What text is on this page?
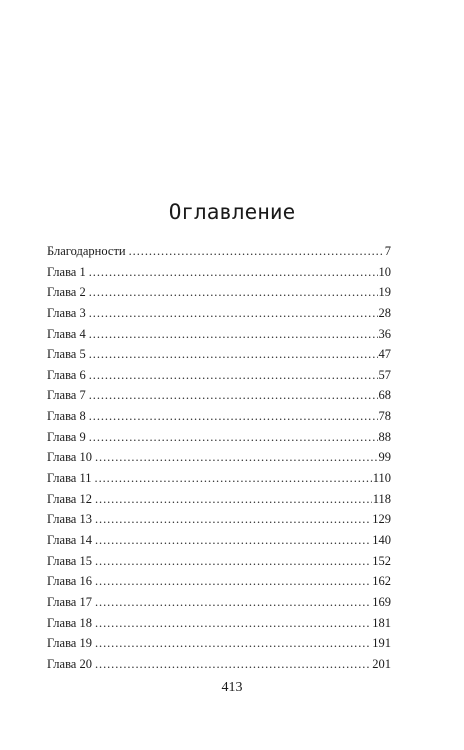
Оглавление
Благодарности . . .	7
Глава 1 . . .	10
Глава 2 . . .	19
Глава 3 . . .	28
Глава 4 . . .	36
Глава 5 . . .	47
Глава 6 . . .	57
Глава 7 . . .	68
Глава 8 . . .	78
Глава 9 . . .	88
Глава 10 . . .	99
Глава 11 . . .	110
Глава 12 . . .	118
Глава 13 . . .	129
Глава 14 . . .	140
Глава 15 . . .	152
Глава 16 . . .	162
Глава 17 . . .	169
Глава 18 . . .	181
Глава 19 . . .	191
Глава 20 . . .	201

413
